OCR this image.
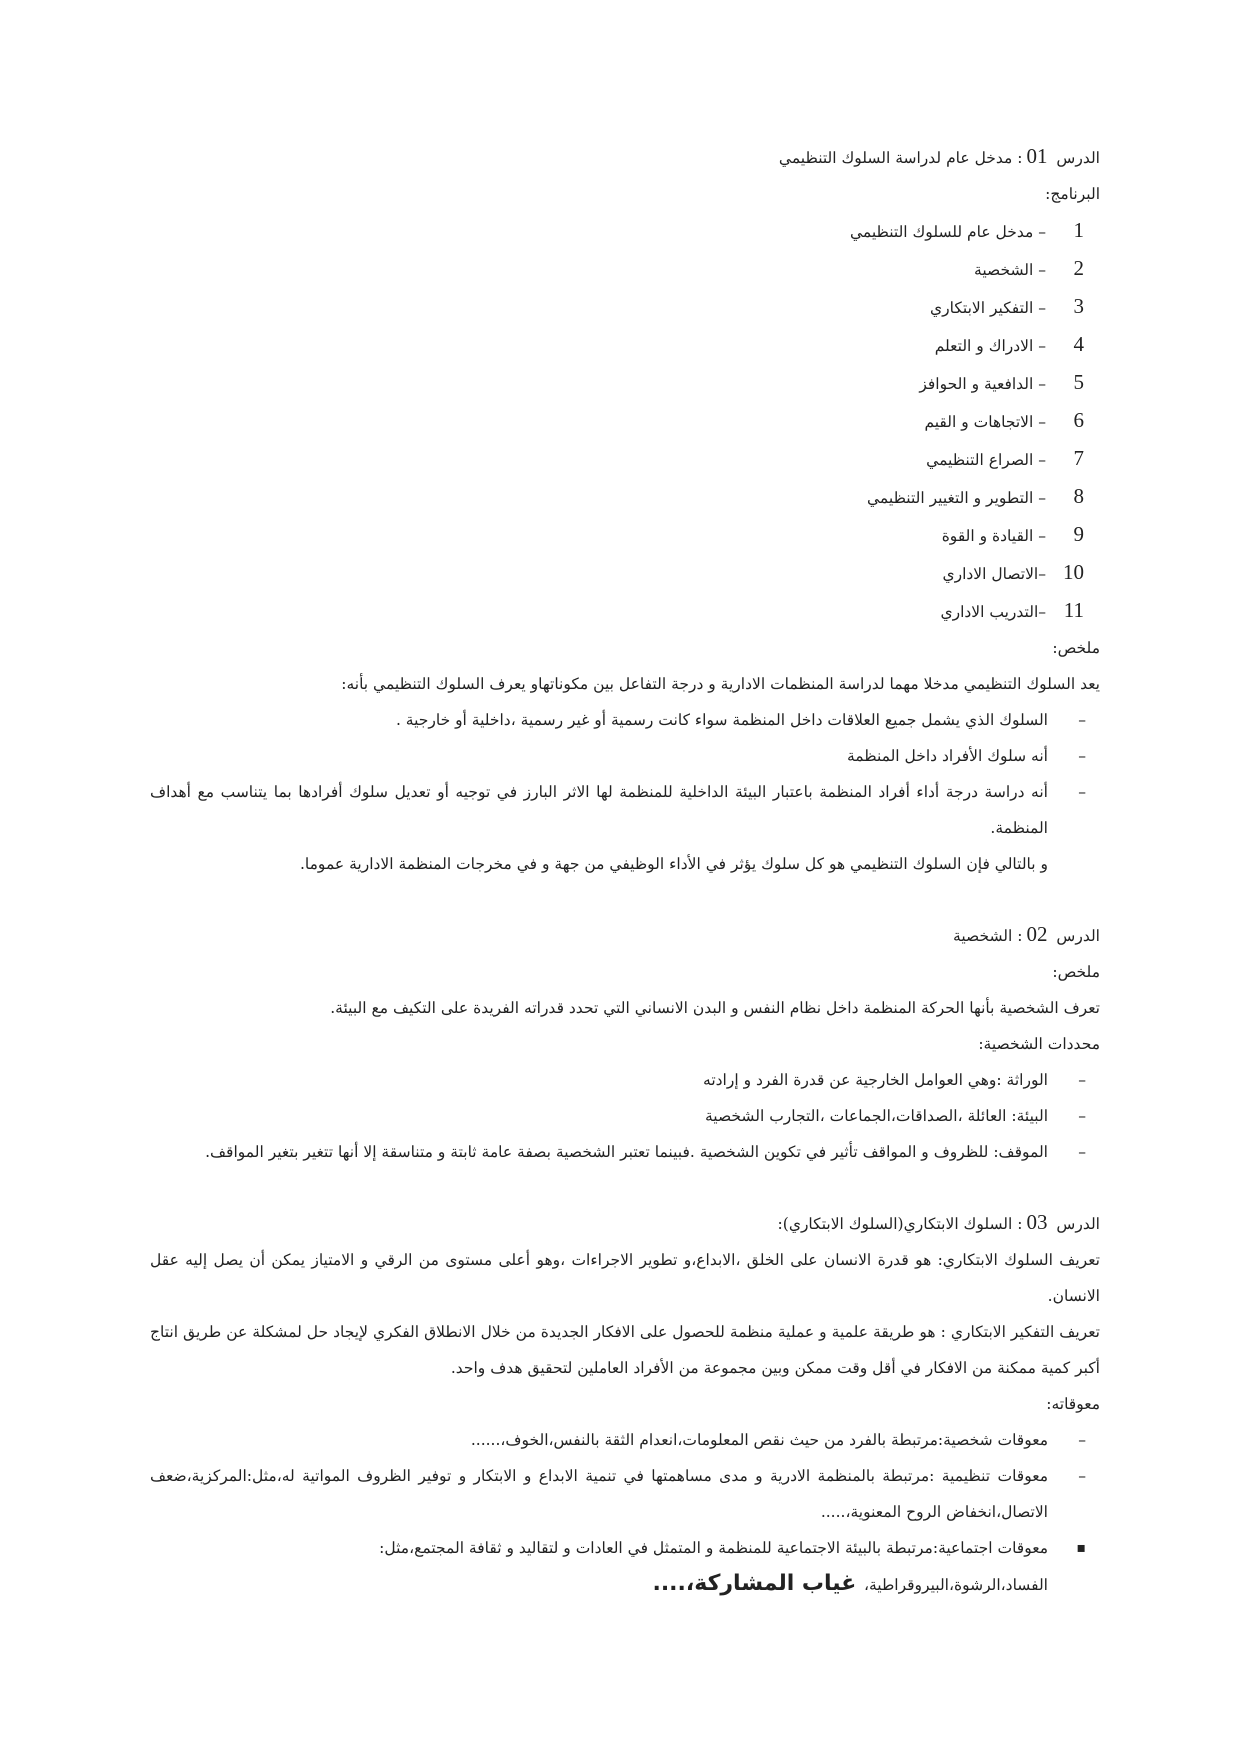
الدرس 01: مدخل عام لدراسة السلوك التنظيمي

البرنامج:

1– مدخل عام للسلوك التنظيمي

2– الشخصية

3– التفكير الابتكاري

4– الادراك و التعلم

5– الدافعية و الحوافز

6– الاتجاهات و القيم

7– الصراع التنظيمي

8– التطوير و التغيير التنظيمي

9– القيادة و القوة

10–الاتصال الاداري

11–التدريب الاداري

ملخص:

يعد السلوك التنظيمي مدخلا مهما لدراسة المنظمات الادارية و درجة التفاعل بين مكوناتهاو يعرف السلوك التنظيمي بأنه:

– السلوك الذي يشمل جميع العلاقات داخل المنظمة سواء كانت رسمية أو غير رسمية ،داخلية أو خارجية .

– أنه سلوك الأفراد داخل المنظمة

– أنه دراسة درجة أداء أفراد المنظمة باعتبار البيئة الداخلية للمنظمة لها الاثر البارز في توجيه أو تعديل سلوك أفرادها بما يتناسب مع أهداف المنظمة.

و بالتالي فإن السلوك التنظيمي هو كل سلوك يؤثر في الأداء الوظيفي من جهة و في مخرجات المنظمة الادارية عموما.

الدرس 02: الشخصية

ملخص:

تعرف الشخصية بأنها الحركة المنظمة داخل نظام النفس و البدن الانساني التي تحدد قدراته الفريدة على التكيف مع البيئة.

محددات الشخصية:

– الوراثة :وهي العوامل الخارجية عن قدرة الفرد و إرادته

– البيئة: العائلة ،الصداقات،الجماعات ،التجارب الشخصية

– الموقف: للظروف و المواقف تأثير في تكوين الشخصية .فبينما تعتبر الشخصية بصفة عامة ثابتة و متناسقة إلا أنها تتغير بتغير المواقف.

الدرس 03: السلوك الابتكاري(السلوك الابتكاري):

تعريف السلوك الابتكاري: هو قدرة الانسان على الخلق ،الابداع،و تطوير الاجراءات ،وهو أعلى مستوى من الرقي و الامتياز يمكن أن يصل إليه عقل الانسان.

تعريف التفكير الابتكاري : هو طريقة علمية و عملية منظمة للحصول على الافكار الجديدة من خلال الانطلاق الفكري لإيجاد حل لمشكلة عن طريق انتاج أكبر كمية ممكنة من الافكار في أقل وقت ممكن وبين مجموعة من الأفراد العاملين لتحقيق هدف واحد.

معوقاته:

– معوقات شخصية:مرتبطة بالفرد من حيث نقص المعلومات،انعدام الثقة بالنفس،الخوف،......

– معوقات تنظيمية :مرتبطة بالمنظمة الادرية و مدى مساهمتها في تنمية الابداع و الابتكار و توفير الظروف المواتية له،مثل:المركزية،ضعف الاتصال،انخفاض الروح المعنوية،.....

▪ معوقات اجتماعية:مرتبطة بالبيئة الاجتماعية للمنظمة و المتمثل في العادات و لتقاليد و ثقافة المجتمع،مثل:

الفساد،الرشوة،البيروقراطية، غياب المشاركة،....
